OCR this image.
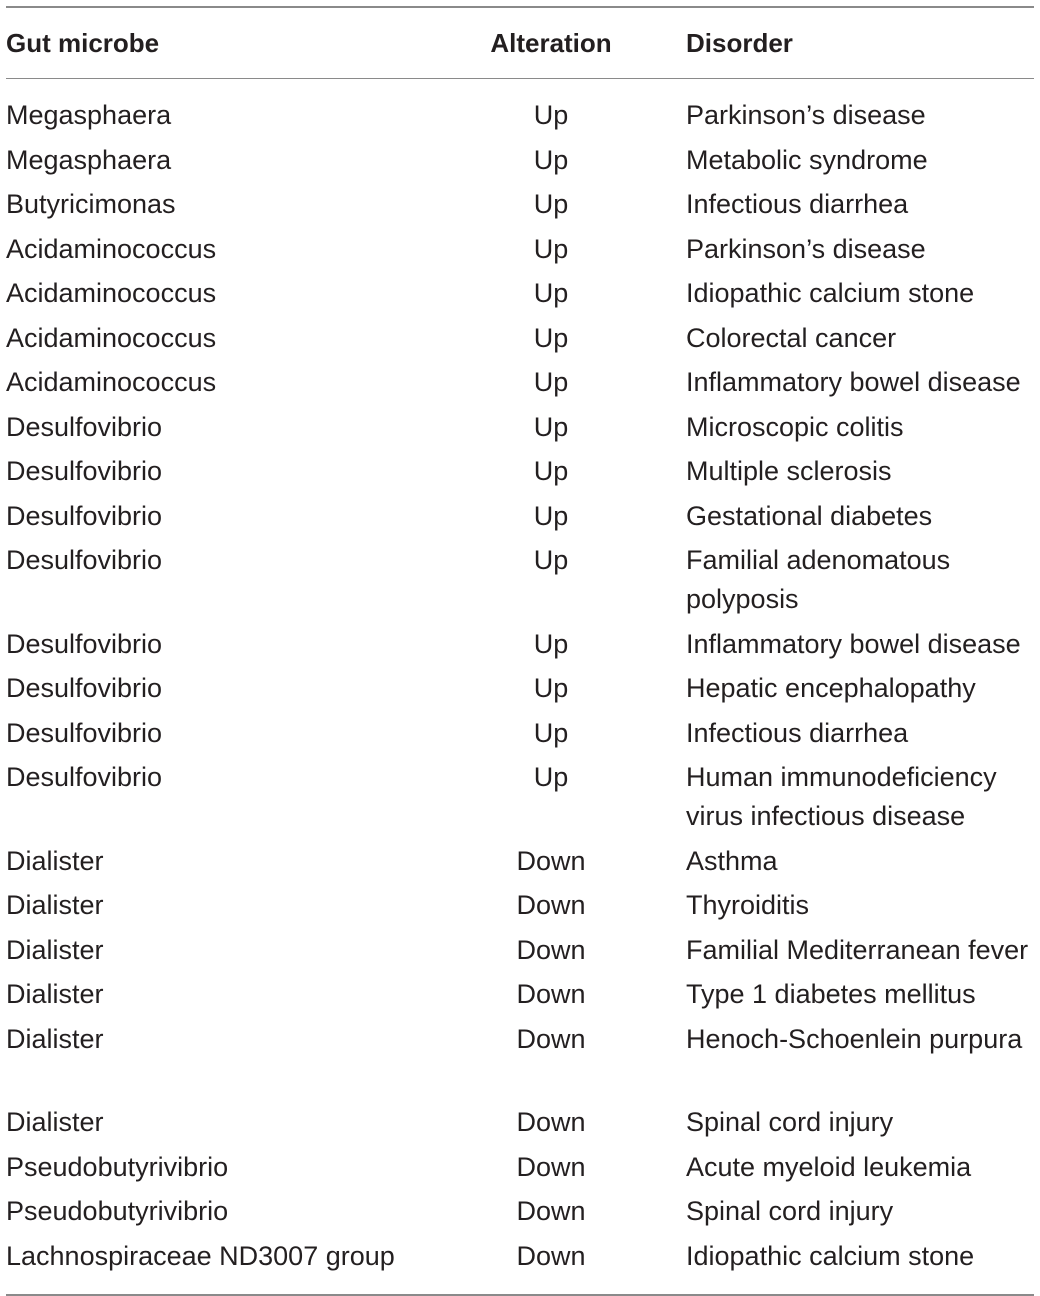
Gut microbe	Alteration	Disorder
Megasphaera	Up	Parkinson’s disease
Megasphaera	Up	Metabolic syndrome
Butyricimonas	Up	Infectious diarrhea
Acidaminococcus	Up	Parkinson’s disease
Acidaminococcus	Up	Idiopathic calcium stone
Acidaminococcus	Up	Colorectal cancer
Acidaminococcus	Up	Inflammatory bowel disease
Desulfovibrio	Up	Microscopic colitis
Desulfovibrio	Up	Multiple sclerosis
Desulfovibrio	Up	Gestational diabetes
Desulfovibrio	Up	Familial adenomatous polyposis
Desulfovibrio	Up	Inflammatory bowel disease
Desulfovibrio	Up	Hepatic encephalopathy
Desulfovibrio	Up	Infectious diarrhea
Desulfovibrio	Up	Human immunodeficiency virus infectious disease
Dialister	Down	Asthma
Dialister	Down	Thyroiditis
Dialister	Down	Familial Mediterranean fever
Dialister	Down	Type 1 diabetes mellitus
Dialister	Down	Henoch-Schoenlein purpura
Dialister	Down	Spinal cord injury
Pseudobutyrivibrio	Down	Acute myeloid leukemia
Pseudobutyrivibrio	Down	Spinal cord injury
Lachnospiraceae ND3007 group	Down	Idiopathic calcium stone
